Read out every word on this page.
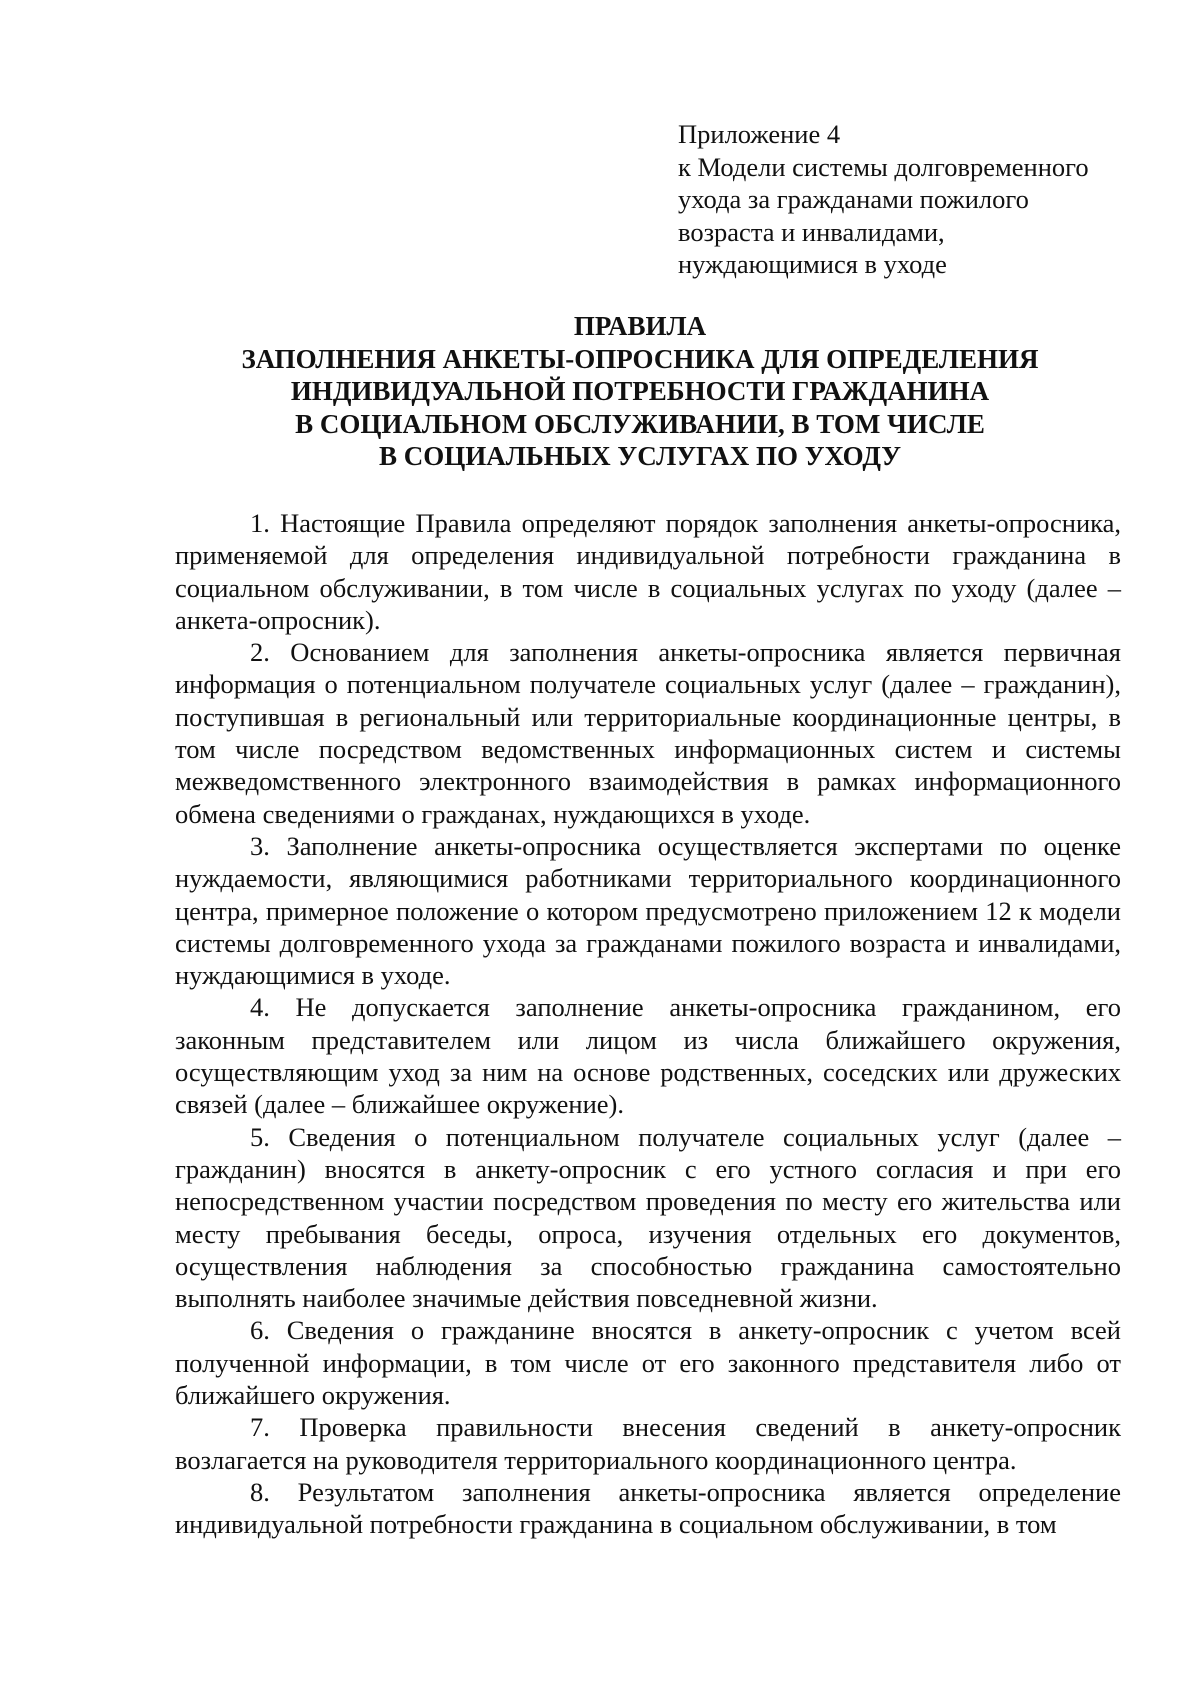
Приложение 4
к Модели системы долговременного
ухода за гражданами пожилого
возраста и инвалидами,
нуждающимися в уходе
ПРАВИЛА
ЗАПОЛНЕНИЯ АНКЕТЫ-ОПРОСНИКА ДЛЯ ОПРЕДЕЛЕНИЯ
ИНДИВИДУАЛЬНОЙ ПОТРЕБНОСТИ ГРАЖДАНИНА
В СОЦИАЛЬНОМ ОБСЛУЖИВАНИИ, В ТОМ ЧИСЛЕ
В СОЦИАЛЬНЫХ УСЛУГАХ ПО УХОДУ

1. Настоящие Правила определяют порядок заполнения анкеты-опросника, применяемой для определения индивидуальной потребности гражданина в социальном обслуживании, в том числе в социальных услугах по уходу (далее – анкета-опросник).

2. Основанием для заполнения анкеты-опросника является первичная информация о потенциальном получателе социальных услуг (далее – гражданин), поступившая в региональный или территориальные координационные центры, в том числе посредством ведомственных информационных систем и системы межведомственного электронного взаимодействия в рамках информационного обмена сведениями о гражданах, нуждающихся в уходе.

3. Заполнение анкеты-опросника осуществляется экспертами по оценке нуждаемости, являющимися работниками территориального координационного центра, примерное положение о котором предусмотрено приложением 12 к модели системы долговременного ухода за гражданами пожилого возраста и инвалидами, нуждающимися в уходе.

4. Не допускается заполнение анкеты-опросника гражданином, его законным представителем или лицом из числа ближайшего окружения, осуществляющим уход за ним на основе родственных, соседских или дружеских связей (далее – ближайшее окружение).

5. Сведения о потенциальном получателе социальных услуг (далее – гражданин) вносятся в анкету-опросник с его устного согласия и при его непосредственном участии посредством проведения по месту его жительства или месту пребывания беседы, опроса, изучения отдельных его документов, осуществления наблюдения за способностью гражданина самостоятельно выполнять наиболее значимые действия повседневной жизни.

6. Сведения о гражданине вносятся в анкету-опросник с учетом всей полученной информации, в том числе от его законного представителя либо от ближайшего окружения.

7. Проверка правильности внесения сведений в анкету-опросник возлагается на руководителя территориального координационного центра.

8. Результатом заполнения анкеты-опросника является определение индивидуальной потребности гражданина в социальном обслуживании, в том
